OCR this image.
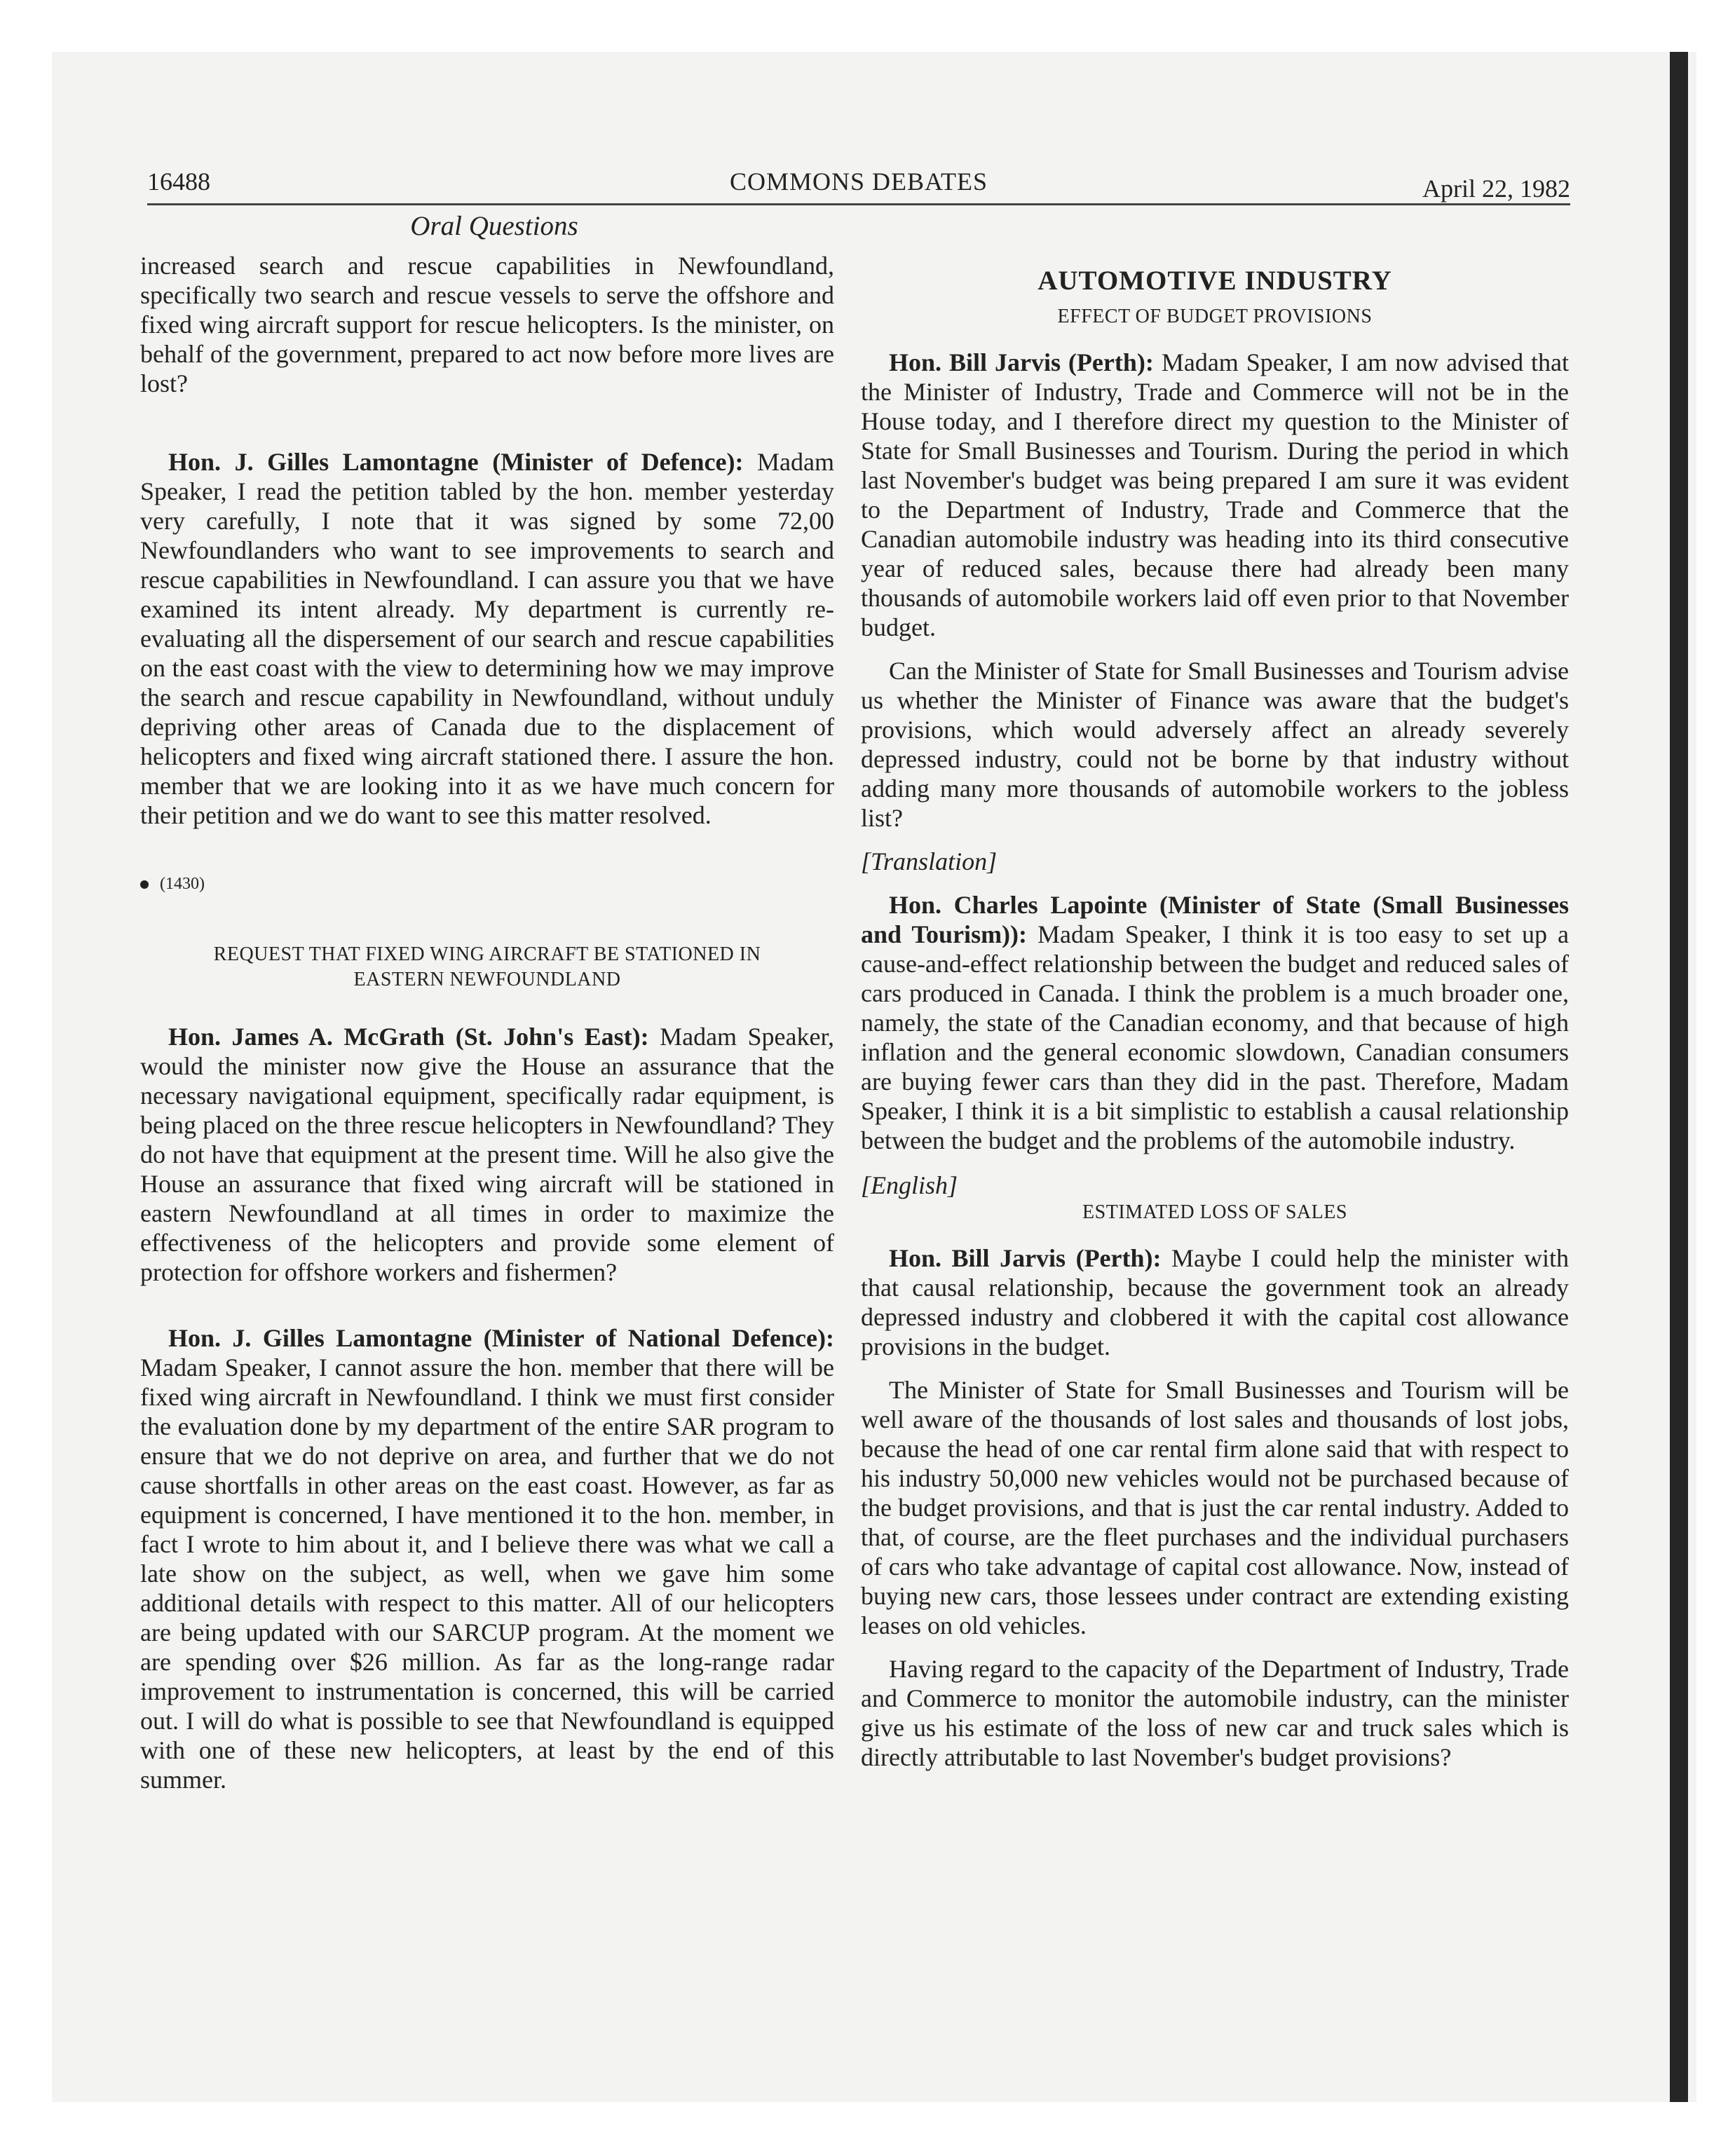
16488	COMMONS DEBATES	April 22, 1982
Oral Questions

increased search and rescue capabilities in Newfoundland, specifically two search and rescue vessels to serve the offshore and fixed wing aircraft support for rescue helicopters. Is the minister, on behalf of the government, prepared to act now before more lives are lost?

Hon. J. Gilles Lamontagne (Minister of Defence): Madam Speaker, I read the petition tabled by the hon. member yesterday very carefully, I note that it was signed by some 72,00 Newfoundlanders who want to see improvements to search and rescue capabilities in Newfoundland. I can assure you that we have examined its intent already. My department is currently re-evaluating all the dispersement of our search and rescue capabilities on the east coast with the view to determining how we may improve the search and rescue capability in Newfoundland, without unduly depriving other areas of Canada due to the displacement of helicopters and fixed wing aircraft stationed there. I assure the hon. member that we are looking into it as we have much concern for their petition and we do want to see this matter resolved.

(1430)

REQUEST THAT FIXED WING AIRCRAFT BE STATIONED IN EASTERN NEWFOUNDLAND

Hon. James A. McGrath (St. John's East): Madam Speaker, would the minister now give the House an assurance that the necessary navigational equipment, specifically radar equipment, is being placed on the three rescue helicopters in Newfoundland? They do not have that equipment at the present time. Will he also give the House an assurance that fixed wing aircraft will be stationed in eastern Newfoundland at all times in order to maximize the effectiveness of the helicopters and provide some element of protection for offshore workers and fishermen?

Hon. J. Gilles Lamontagne (Minister of National Defence): Madam Speaker, I cannot assure the hon. member that there will be fixed wing aircraft in Newfoundland. I think we must first consider the evaluation done by my department of the entire SAR program to ensure that we do not deprive on area, and further that we do not cause shortfalls in other areas on the east coast. However, as far as equipment is concerned, I have mentioned it to the hon. member, in fact I wrote to him about it, and I believe there was what we call a late show on the subject, as well, when we gave him some additional details with respect to this matter. All of our helicopters are being updated with our SARCUP program. At the moment we are spending over $26 million. As far as the long-range radar improvement to instrumentation is concerned, this will be carried out. I will do what is possible to see that Newfoundland is equipped with one of these new helicopters, at least by the end of this summer.

AUTOMOTIVE INDUSTRY
EFFECT OF BUDGET PROVISIONS

Hon. Bill Jarvis (Perth): Madam Speaker, I am now advised that the Minister of Industry, Trade and Commerce will not be in the House today, and I therefore direct my question to the Minister of State for Small Businesses and Tourism. During the period in which last November's budget was being prepared I am sure it was evident to the Department of Industry, Trade and Commerce that the Canadian automobile industry was heading into its third consecutive year of reduced sales, because there had already been many thousands of automobile workers laid off even prior to that November budget.

Can the Minister of State for Small Businesses and Tourism advise us whether the Minister of Finance was aware that the budget's provisions, which would adversely affect an already severely depressed industry, could not be borne by that industry without adding many more thousands of automobile workers to the jobless list?

[Translation]

Hon. Charles Lapointe (Minister of State (Small Businesses and Tourism)): Madam Speaker, I think it is too easy to set up a cause-and-effect relationship between the budget and reduced sales of cars produced in Canada. I think the problem is a much broader one, namely, the state of the Canadian economy, and that because of high inflation and the general economic slowdown, Canadian consumers are buying fewer cars than they did in the past. Therefore, Madam Speaker, I think it is a bit simplistic to establish a causal relationship between the budget and the problems of the automobile industry.

[English]

ESTIMATED LOSS OF SALES

Hon. Bill Jarvis (Perth): Maybe I could help the minister with that causal relationship, because the government took an already depressed industry and clobbered it with the capital cost allowance provisions in the budget.

The Minister of State for Small Businesses and Tourism will be well aware of the thousands of lost sales and thousands of lost jobs, because the head of one car rental firm alone said that with respect to his industry 50,000 new vehicles would not be purchased because of the budget provisions, and that is just the car rental industry. Added to that, of course, are the fleet purchases and the individual purchasers of cars who take advantage of capital cost allowance. Now, instead of buying new cars, those lessees under contract are extending existing leases on old vehicles.

Having regard to the capacity of the Department of Industry, Trade and Commerce to monitor the automobile industry, can the minister give us his estimate of the loss of new car and truck sales which is directly attributable to last November's budget provisions?
